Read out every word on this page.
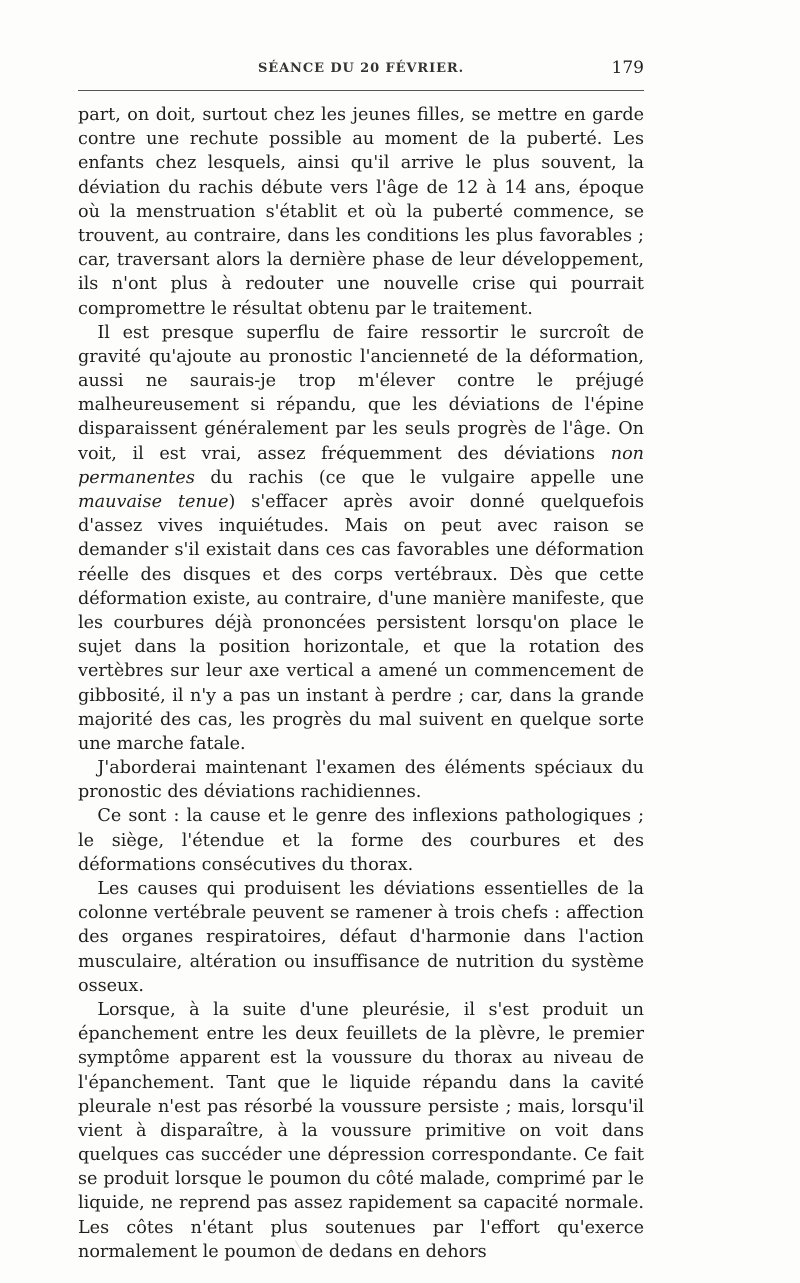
SÉANCE DU 20 FÉVRIER.	179

part, on doit, surtout chez les jeunes filles, se mettre en garde contre une rechute possible au moment de la puberté. Les enfants chez lesquels, ainsi qu'il arrive le plus souvent, la déviation du rachis débute vers l'âge de 12 à 14 ans, époque où la menstruation s'établit et où la puberté commence, se trouvent, au contraire, dans les conditions les plus favorables ; car, traversant alors la dernière phase de leur développement, ils n'ont plus à redouter une nouvelle crise qui pourrait compromettre le résultat obtenu par le traitement.

Il est presque superflu de faire ressortir le surcroît de gravité qu'ajoute au pronostic l'ancienneté de la déformation, aussi ne saurais-je trop m'élever contre le préjugé malheureusement si répandu, que les déviations de l'épine disparaissent généralement par les seuls progrès de l'âge. On voit, il est vrai, assez fréquemment des déviations non permanentes du rachis (ce que le vulgaire appelle une mauvaise tenue) s'effacer après avoir donné quelquefois d'assez vives inquiétudes. Mais on peut avec raison se demander s'il existait dans ces cas favorables une déformation réelle des disques et des corps vertébraux. Dès que cette déformation existe, au contraire, d'une manière manifeste, que les courbures déjà prononcées persistent lorsqu'on place le sujet dans la position horizontale, et que la rotation des vertèbres sur leur axe vertical a amené un commencement de gibbosité, il n'y a pas un instant à perdre ; car, dans la grande majorité des cas, les progrès du mal suivent en quelque sorte une marche fatale.

J'aborderai maintenant l'examen des éléments spéciaux du pronostic des déviations rachidiennes.

Ce sont : la cause et le genre des inflexions pathologiques ; le siège, l'étendue et la forme des courbures et des déformations consécutives du thorax.

Les causes qui produisent les déviations essentielles de la colonne vertébrale peuvent se ramener à trois chefs : affection des organes respiratoires, défaut d'harmonie dans l'action musculaire, altération ou insuffisance de nutrition du système osseux.

Lorsque, à la suite d'une pleurésie, il s'est produit un épanchement entre les deux feuillets de la plèvre, le premier symptôme apparent est la voussure du thorax au niveau de l'épanchement. Tant que le liquide répandu dans la cavité pleurale n'est pas résorbé la voussure persiste ; mais, lorsqu'il vient à disparaître, à la voussure primitive on voit dans quelques cas succéder une dépression correspondante. Ce fait se produit lorsque le poumon du côté malade, comprimé par le liquide, ne reprend pas assez rapidement sa capacité normale. Les côtes n'étant plus soutenues par l'effort qu'exerce normalement le poumon de dedans en dehors
